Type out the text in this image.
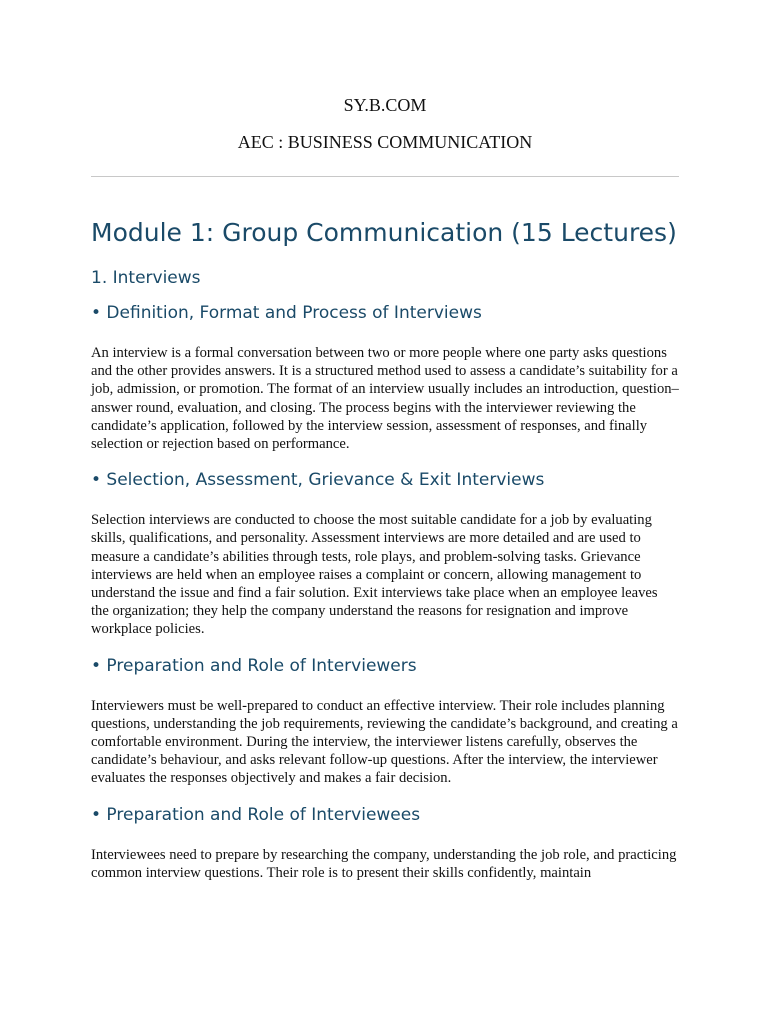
SY.B.COM

AEC : BUSINESS COMMUNICATION

Module 1: Group Communication (15 Lectures)
1. Interviews
• Definition, Format and Process of Interviews

An interview is a formal conversation between two or more people where one party asks questions and the other provides answers. It is a structured method used to assess a candidate’s suitability for a job, admission, or promotion. The format of an interview usually includes an introduction, question–answer round, evaluation, and closing. The process begins with the interviewer reviewing the candidate’s application, followed by the interview session, assessment of responses, and finally selection or rejection based on performance.

• Selection, Assessment, Grievance & Exit Interviews

Selection interviews are conducted to choose the most suitable candidate for a job by evaluating skills, qualifications, and personality. Assessment interviews are more detailed and are used to measure a candidate’s abilities through tests, role plays, and problem-solving tasks. Grievance interviews are held when an employee raises a complaint or concern, allowing management to understand the issue and find a fair solution. Exit interviews take place when an employee leaves the organization; they help the company understand the reasons for resignation and improve workplace policies.

• Preparation and Role of Interviewers

Interviewers must be well-prepared to conduct an effective interview. Their role includes planning questions, understanding the job requirements, reviewing the candidate’s background, and creating a comfortable environment. During the interview, the interviewer listens carefully, observes the candidate’s behaviour, and asks relevant follow-up questions. After the interview, the interviewer evaluates the responses objectively and makes a fair decision.

• Preparation and Role of Interviewees

Interviewees need to prepare by researching the company, understanding the job role, and practicing common interview questions. Their role is to present their skills confidently, maintain
